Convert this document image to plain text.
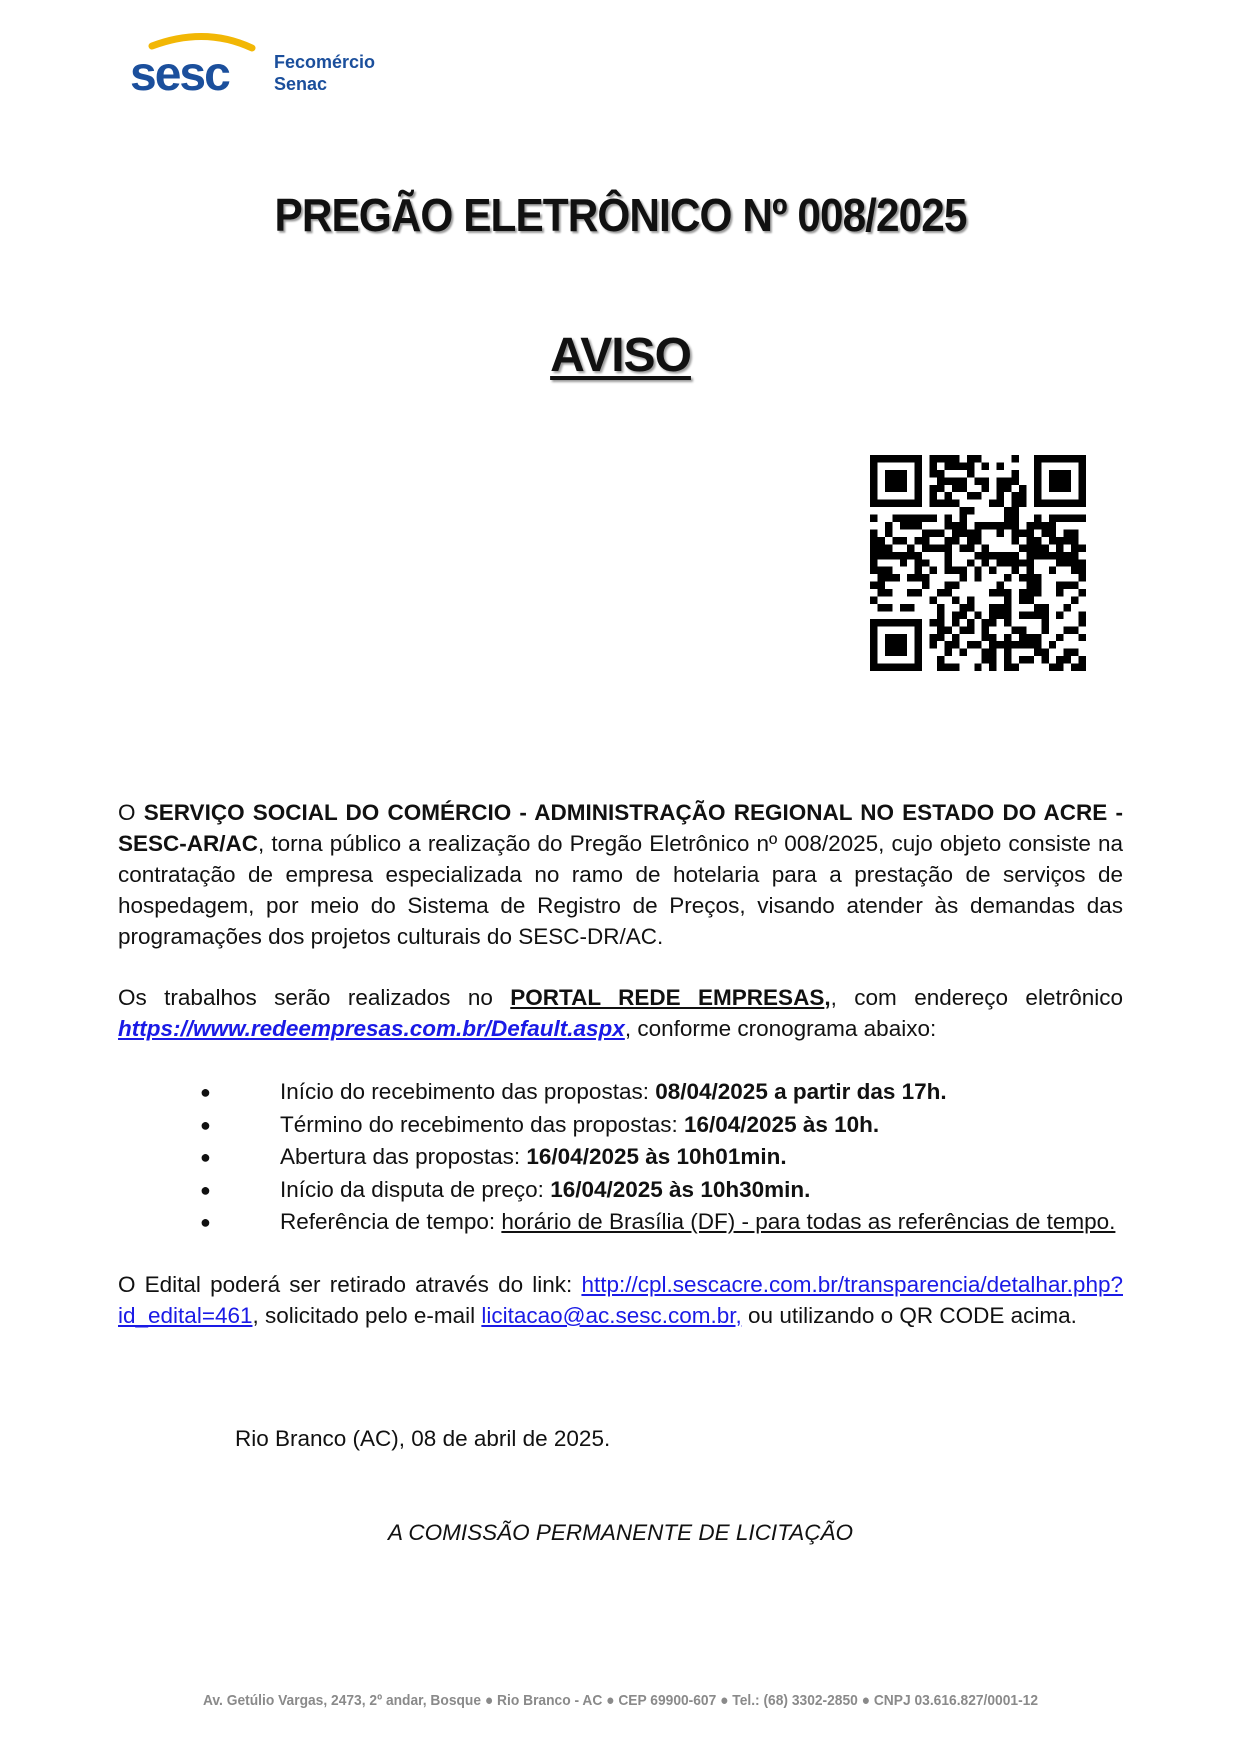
sesc	Fecomércio
Senac
PREGÃO ELETRÔNICO Nº 008/2025
AVISO
O SERVIÇO SOCIAL DO COMÉRCIO - ADMINISTRAÇÃO REGIONAL NO ESTADO DO ACRE - SESC-AR/AC, torna público a realização do Pregão Eletrônico nº 008/2025, cujo objeto consiste na contratação de empresa especializada no ramo de hotelaria para a prestação de serviços de hospedagem, por meio do Sistema de Registro de Preços, visando atender às demandas das programações dos projetos culturais do SESC-DR/AC.
Os trabalhos serão realizados no PORTAL REDE EMPRESAS,, com endereço eletrônico https://www.redeempresas.com.br/Default.aspx, conforme cronograma abaixo:
●	Início do recebimento das propostas: 08/04/2025 a partir das 17h.
●	Término do recebimento das propostas: 16/04/2025 às 10h.
●	Abertura das propostas: 16/04/2025 às 10h01min.
●	Início da disputa de preço: 16/04/2025 às 10h30min.
●	Referência de tempo: horário de Brasília (DF) - para todas as referências de tempo.
O Edital poderá ser retirado através do link: http://cpl.sescacre.com.br/transparencia/detalhar.php?id_edital=461, solicitado pelo e-mail licitacao@ac.sesc.com.br, ou utilizando o QR CODE acima.
Rio Branco (AC), 08 de abril de 2025.
A COMISSÃO PERMANENTE DE LICITAÇÃO
Av. Getúlio Vargas, 2473, 2º andar, Bosque ● Rio Branco - AC ● CEP 69900-607 ● Tel.: (68) 3302-2850 ● CNPJ 03.616.827/0001-12
